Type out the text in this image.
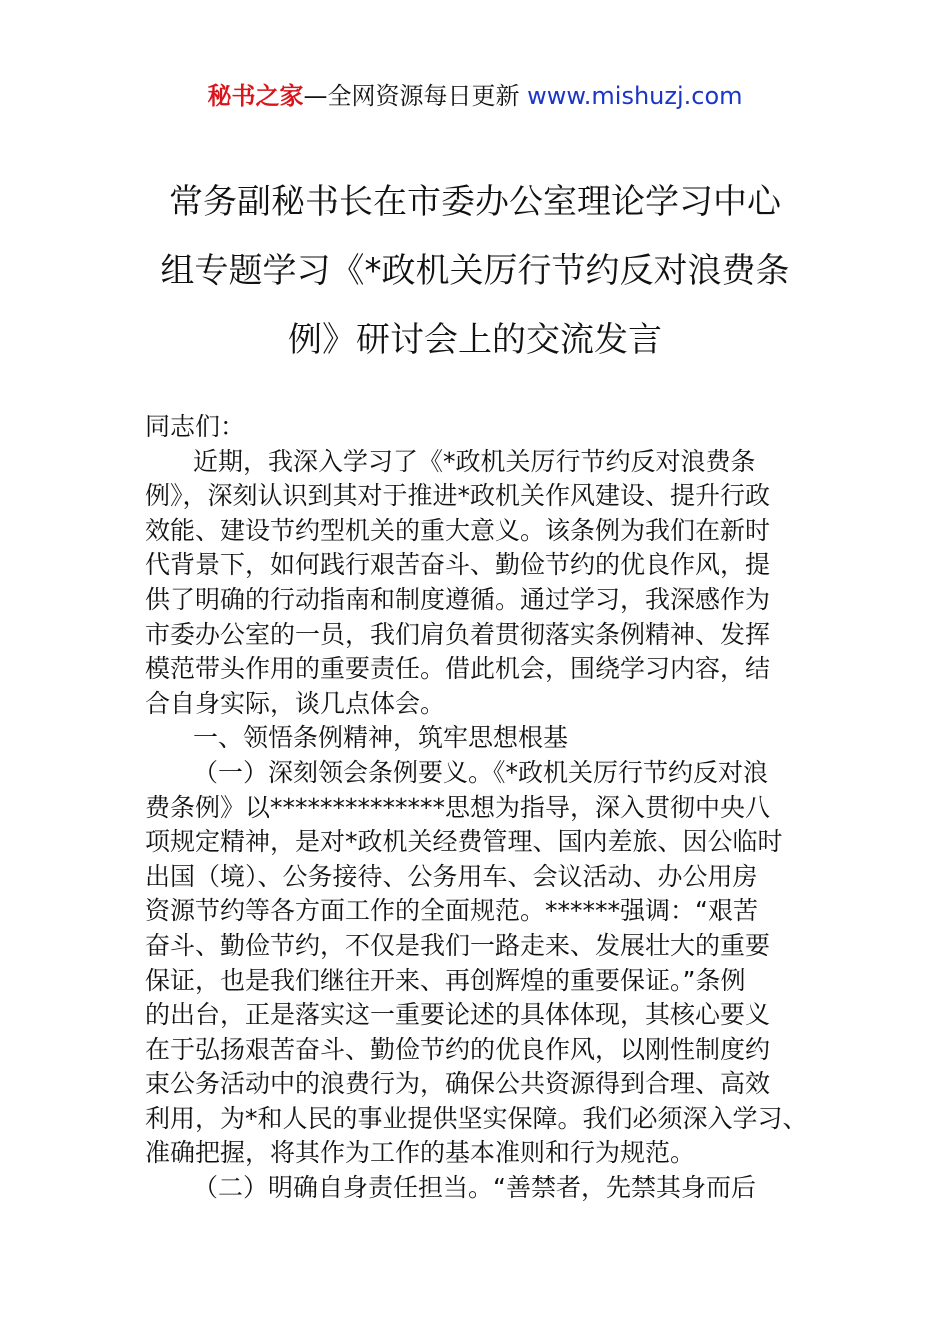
秘书之家—全网资源每日更新 www.mishuzj.com
常务副秘书长在市委办公室理论学习中心
组专题学习《*政机关厉行节约反对浪费条
例》研讨会上的交流发言
同志们：
近期，我深入学习了《*政机关厉行节约反对浪费条
例》，深刻认识到其对于推进*政机关作风建设、提升行政
效能、建设节约型机关的重大意义。该条例为我们在新时
代背景下，如何践行艰苦奋斗、勤俭节约的优良作风，提
供了明确的行动指南和制度遵循。通过学习，我深感作为
市委办公室的一员，我们肩负着贯彻落实条例精神、发挥
模范带头作用的重要责任。借此机会，围绕学习内容，结
合自身实际，谈几点体会。
一、领悟条例精神，筑牢思想根基
（一）深刻领会条例要义。《*政机关厉行节约反对浪
费条例》以**************思想为指导，深入贯彻中央八
项规定精神，是对*政机关经费管理、国内差旅、因公临时
出国（境）、公务接待、公务用车、会议活动、办公用房
资源节约等各方面工作的全面规范。******强调：“艰苦
奋斗、勤俭节约，不仅是我们一路走来、发展壮大的重要
保证，也是我们继往开来、再创辉煌的重要保证。”条例
的出台，正是落实这一重要论述的具体体现，其核心要义
在于弘扬艰苦奋斗、勤俭节约的优良作风，以刚性制度约
束公务活动中的浪费行为，确保公共资源得到合理、高效
利用，为*和人民的事业提供坚实保障。我们必须深入学习、
准确把握，将其作为工作的基本准则和行为规范。
（二）明确自身责任担当。“善禁者，先禁其身而后
